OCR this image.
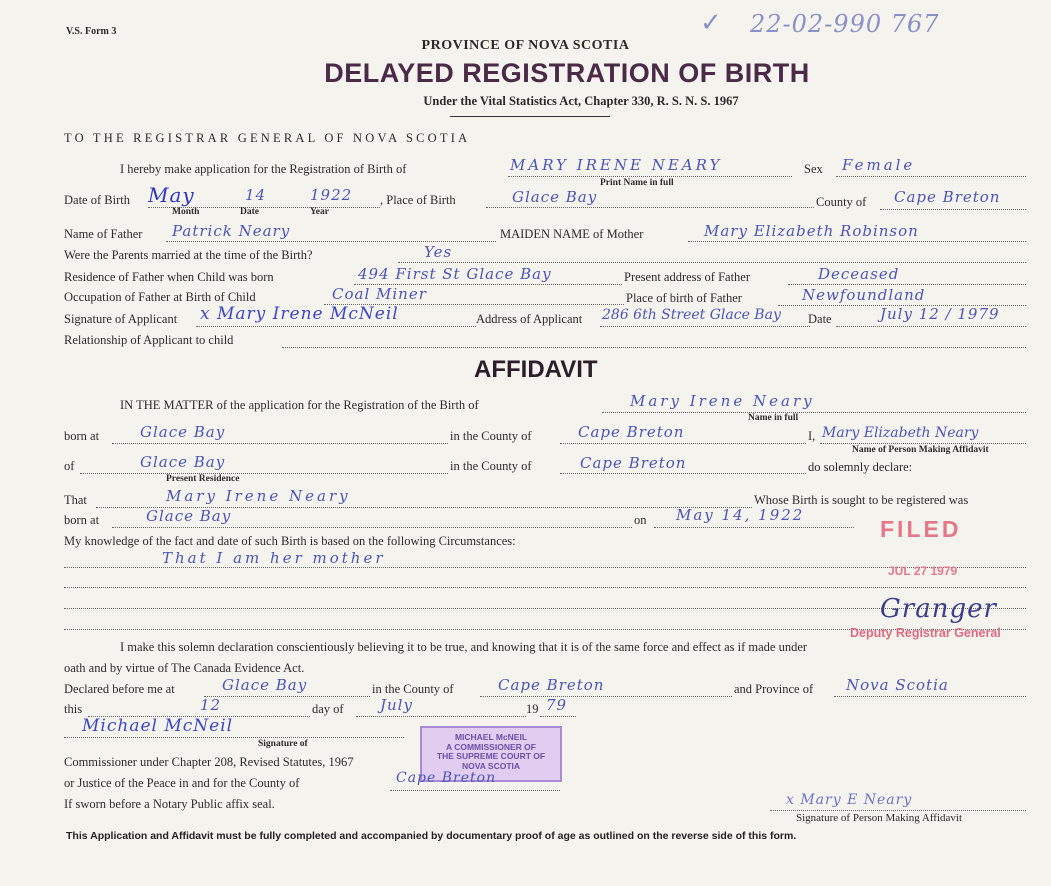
V.S. Form 3	✓ 22-02-990 767
PROVINCE OF NOVA SCOTIA
DELAYED REGISTRATION OF BIRTH
Under the Vital Statistics Act, Chapter 330, R. S. N. S. 1967
TO THE REGISTRAR GENERAL OF NOVA SCOTIA
I hereby make application for the Registration of Birth of	MARY IRENE NEARY
Print Name in full
Sex Female
Date of Birth May	14	1922
Month	Date	Year
, Place of Birth	Glace Bay	County of Cape Breton
Name of Father Patrick Neary	MAIDEN NAME of Mother	Mary Elizabeth Robinson
Were the Parents married at the time of the Birth?	Yes
Residence of Father when Child was born	494 First St Glace Bay	Present address of Father	Deceased
Occupation of Father at Birth of Child	Coal Miner	Place of birth of Father	Newfoundland
Signature of Applicant x Mary Irene McNeil	Address of Applicant 286 6th Street Glace Bay Date	July 12 / 1979
Relationship of Applicant to child
AFFIDAVIT
IN THE MATTER of the application for the Registration of the Birth of	Mary Irene Neary
Name in full
born at	Glace Bay	in the County of	Cape Breton	I, Mary Elizabeth Neary
Name of Person Making Affidavit
of	Glace Bay
Present Residence
in the County of	Cape Breton	do solemnly declare:
That	Mary Irene Neary	Whose Birth is sought to be registered was
born at	Glace Bay	on May 14, 1922
My knowledge of the fact and date of such Birth is based on the following Circumstances:
That I am her mother
I make this solemn declaration conscientiously believing it to be true, and knowing that it is of the same force and effect as if made under
oath and by virtue of The Canada Evidence Act.
Declared before me at	Glace Bay	in the County of	Cape Breton	and Province of Nova Scotia
this	12	day of July	19 79
Michael McNeil
Signature of
MICHAEL McNEIL
A COMMISSIONER OF
THE SUPREME COURT OF
NOVA SCOTIA
Commissioner under Chapter 208, Revised Statutes, 1967
or Justice of the Peace in and for the County of	Cape Breton
If sworn before a Notary Public affix seal.	x Mary E Neary
Signature of Person Making Affidavit
FILED
JUL 27 1979
Granger
Deputy Registrar General
This Application and Affidavit must be fully completed and accompanied by documentary proof of age as outlined on the reverse side of this form.
